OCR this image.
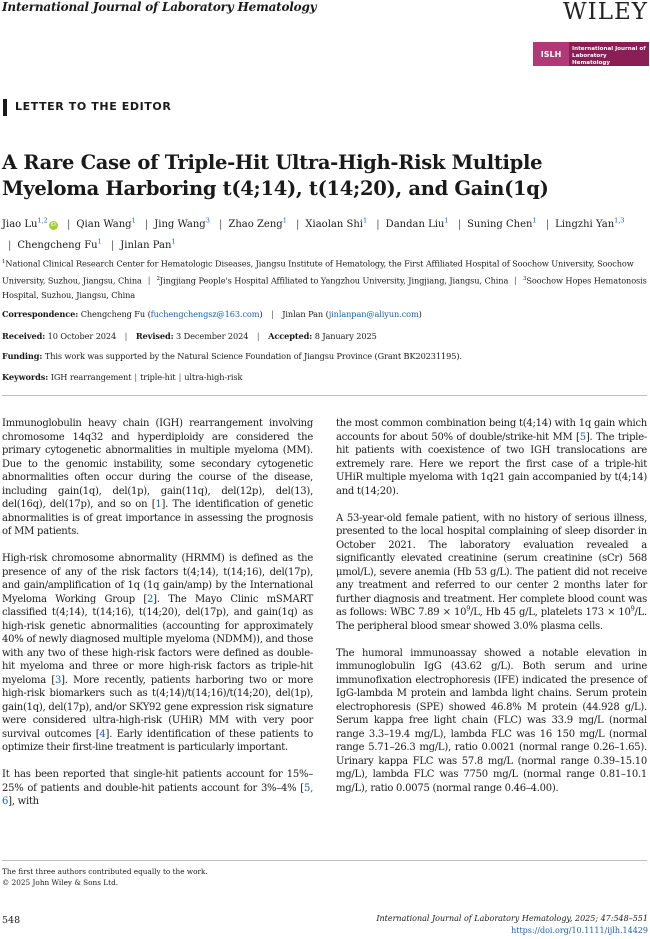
International Journal of Laboratory Hematology	WILEY
ISLH
International Journal of Laboratory Hematology
LETTER TO THE EDITOR
A Rare Case of Triple-Hit Ultra-High-Risk Multiple
Myeloma Harboring t(4;14), t(14;20), and Gain(1q)
Jiao Lu$^{1,2}$iD | Qian Wang$^1$ | Jing Wang$^3$ | Zhao Zeng$^1$ | Xiaolan Shi$^1$ | Dandan Liu$^1$ | Suning Chen$^1$ | Lingzhi Yan$^{1,3}$ | Chengcheng Fu$^1$ | Jinlan Pan$^1$
$^1$National Clinical Research Center for Hematologic Diseases, Jiangsu Institute of Hematology, the First Affiliated Hospital of Soochow University, Soochow University, Suzhou, Jiangsu, China | $^2$Jingjiang People's Hospital Affiliated to Yangzhou University, Jingjiang, Jiangsu, China | $^3$Soochow Hopes Hematonosis Hospital, Suzhou, Jiangsu, China
Correspondence: Chengcheng Fu (fuchengchengsz@163.com) | Jinlan Pan (jinlanpan@aliyun.com)
Received: 10 October 2024 | Revised: 3 December 2024 | Accepted: 8 January 2025
Funding: This work was supported by the Natural Science Foundation of Jiangsu Province (Grant BK20231195).
Keywords: IGH rearrangement | triple-hit | ultra-high-risk

Immunoglobulin heavy chain (IGH) rearrangement involving chromosome 14q32 and hyperdiploidy are considered the primary cytogenetic abnormalities in multiple myeloma (MM). Due to the genomic instability, some secondary cytogenetic abnormalities often occur during the course of the disease, including gain(1q), del(1p), gain(11q), del(12p), del(13), del(16q), del(17p), and so on [1]. The identification of genetic abnormalities is of great importance in assessing the prognosis of MM patients.

High-risk chromosome abnormality (HRMM) is defined as the presence of any of the risk factors t(4;14), t(14;16), del(17p), and gain/amplification of 1q (1q gain/amp) by the International Myeloma Working Group [2]. The Mayo Clinic mSMART classified t(4;14), t(14;16), t(14;20), del(17p), and gain(1q) as high-risk genetic abnormalities (accounting for approximately 40% of newly diagnosed multiple myeloma (NDMM)), and those with any two of these high-risk factors were defined as double-hit myeloma and three or more high-risk factors as triple-hit myeloma [3]. More recently, patients harboring two or more high-risk biomarkers such as t(4;14)/t(14;16)/t(14;20), del(1p), gain(1q), del(17p), and/or SKY92 gene expression risk signature were considered ultra-high-risk (UHiR) MM with very poor survival outcomes [4]. Early identification of these patients to optimize their first-line treatment is particularly important.

It has been reported that single-hit patients account for 15%–25% of patients and double-hit patients account for 3%–4% [5, 6], with

the most common combination being t(4;14) with 1q gain which accounts for about 50% of double/strike-hit MM [5]. The triple-hit patients with coexistence of two IGH translocations are extremely rare. Here we report the first case of a triple-hit UHiR multiple myeloma with 1q21 gain accompanied by t(4;14) and t(14;20).

A 53-year-old female patient, with no history of serious illness, presented to the local hospital complaining of sleep disorder in October 2021. The laboratory evaluation revealed a significantly elevated creatinine (serum creatinine (sCr) 568 μmol/L), severe anemia (Hb 53 g/L). The patient did not receive any treatment and referred to our center 2 months later for further diagnosis and treatment. Her complete blood count was as follows: WBC $7.89 \times 10^9/L$, Hb 45 g/L, platelets $173 \times 10^9/L$. The peripheral blood smear showed 3.0% plasma cells.

The humoral immunoassay showed a notable elevation in immunoglobulin IgG (43.62 g/L). Both serum and urine immunofixation electrophoresis (IFE) indicated the presence of IgG-lambda M protein and lambda light chains. Serum protein electrophoresis (SPE) showed 46.8% M protein (44.928 g/L). Serum kappa free light chain (FLC) was 33.9 mg/L (normal range 3.3–19.4 mg/L), lambda FLC was 16 150 mg/L (normal range 5.71–26.3 mg/L), ratio 0.0021 (normal range 0.26–1.65). Urinary kappa FLC was 57.8 mg/L (normal range 0.39–15.10 mg/L), lambda FLC was 7750 mg/L (normal range 0.81–10.1 mg/L), ratio 0.0075 (normal range 0.46–4.00).

The first three authors contributed equally to the work.
© 2025 John Wiley & Sons Ltd.
548	International Journal of Laboratory Hematology, 2025; 47:548–551
https://doi.org/10.1111/ijlh.14429
